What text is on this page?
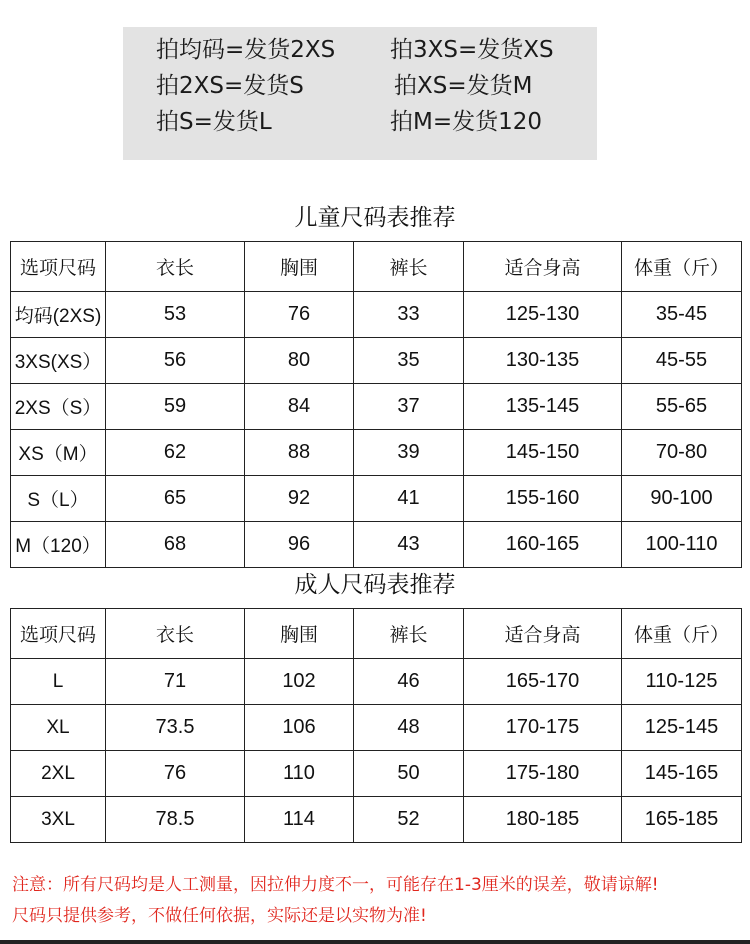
拍均码=发货2XS 拍3XS=发货XS
拍2XS=发货S	拍XS=发货M
拍S=发货L	拍M=发货120
儿童尺码表推荐
选项尺码	衣长	胸围	裤长	适合身高	体重（斤）
均码(2XS)	53	76	33	125-130	35-45
3XS(XS）	56	80	35	130-135	45-55
2XS（S）	59	84	37	135-145	55-65
XS（M）	62	88	39	145-150	70-80
S（L）	65	92	41	155-160	90-100
M（120）	68	96	43	160-165	100-110
成人尺码表推荐
选项尺码	衣长	胸围	裤长	适合身高	体重（斤）
L	71	102	46	165-170	110-125
XL	73.5	106	48	170-175	125-145
2XL	76	110	50	175-180	145-165
3XL	78.5	114	52	180-185	165-185
注意：所有尺码均是人工测量，因拉伸力度不一，可能存在1-3厘米的误差，敬请谅解!
尺码只提供参考，不做任何依据，实际还是以实物为准!
